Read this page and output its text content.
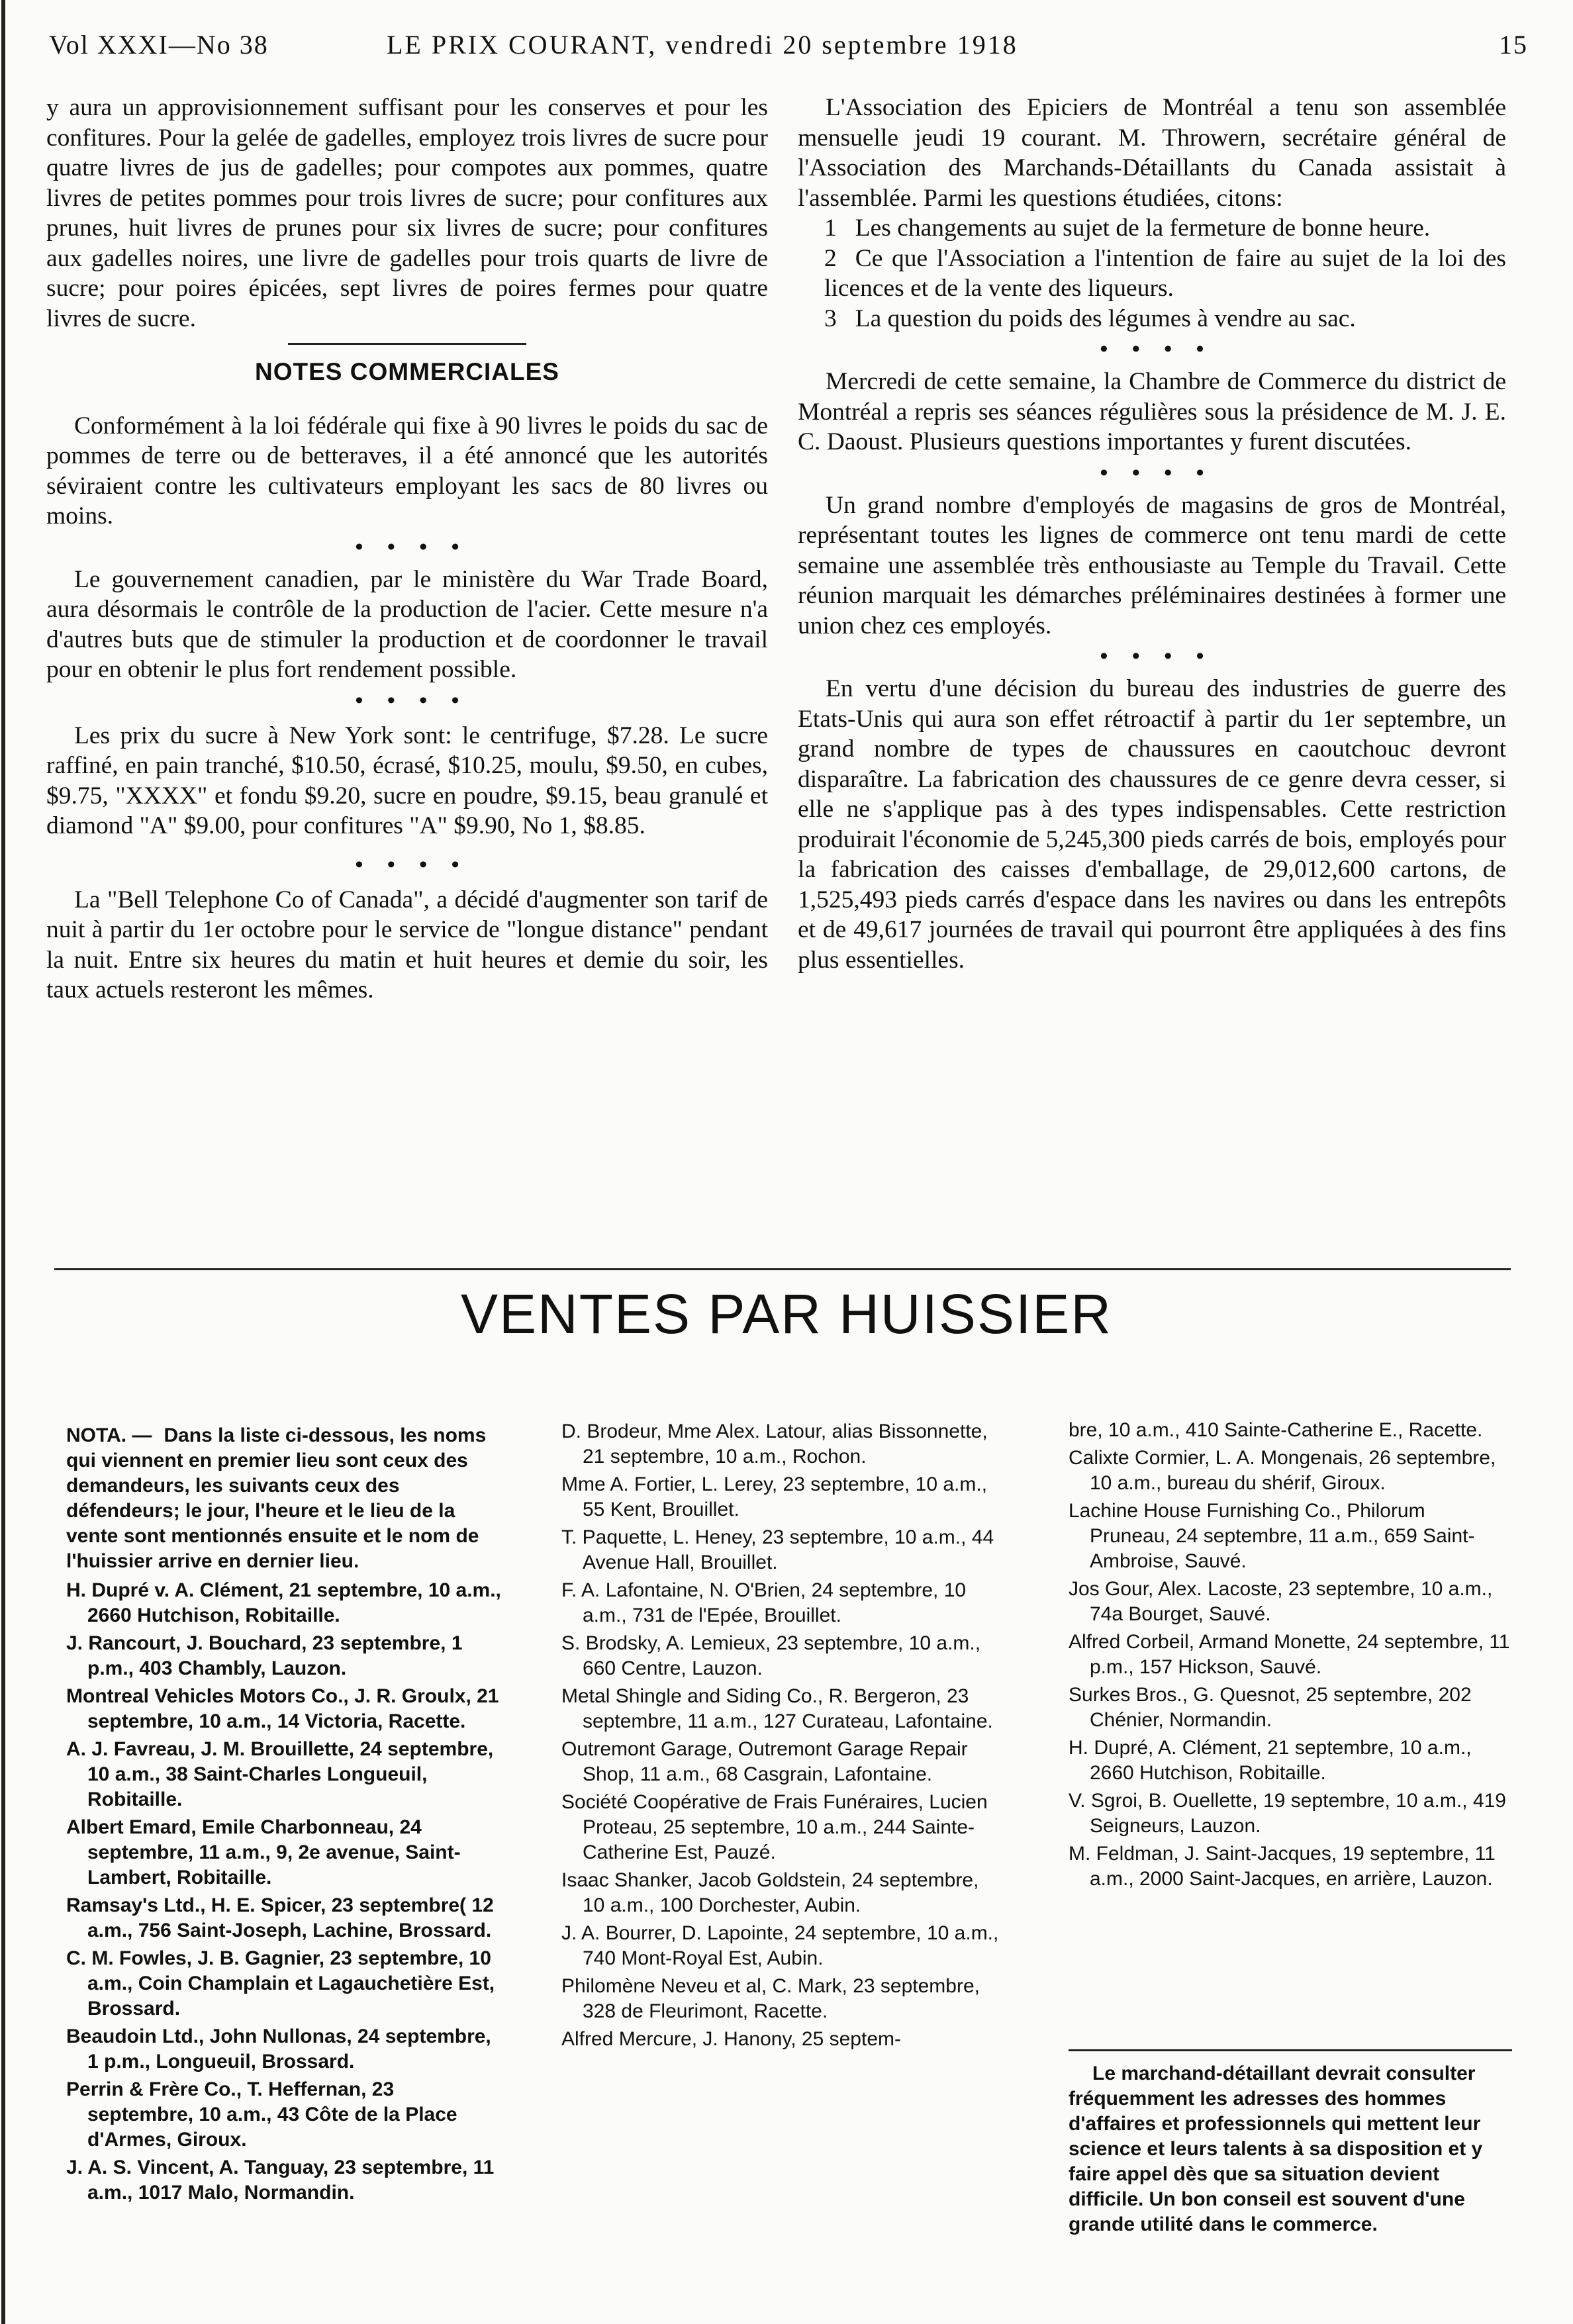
Vol XXXI—No 38	LE PRIX COURANT, vendredi 20 septembre 1918	15

y aura un approvisionnement suffisant pour les conserves et pour les confitures. Pour la gelée de gadelles, employez trois livres de sucre pour quatre livres de jus de gadelles; pour compotes aux pommes, quatre livres de petites pommes pour trois livres de sucre; pour confitures aux prunes, huit livres de prunes pour six livres de sucre; pour confitures aux gadelles noires, une livre de gadelles pour trois quarts de livre de sucre; pour poires épicées, sept livres de poires fermes pour quatre livres de sucre.

NOTES COMMERCIALES

Conformément à la loi fédérale qui fixe à 90 livres le poids du sac de pommes de terre ou de betteraves, il a été annoncé que les autorités séviraient contre les cultivateurs employant les sacs de 80 livres ou moins.

• • • •

Le gouvernement canadien, par le ministère du War Trade Board, aura désormais le contrôle de la production de l'acier. Cette mesure n'a d'autres buts que de stimuler la production et de coordonner le travail pour en obtenir le plus fort rendement possible.

• • • •

Les prix du sucre à New York sont: le centrifuge, $7.28. Le sucre raffiné, en pain tranché, $10.50, écrasé, $10.25, moulu, $9.50, en cubes, $9.75, "XXXX" et fondu $9.20, sucre en poudre, $9.15, beau granulé et diamond "A" $9.00, pour confitures "A" $9.90, No 1, $8.85.

• • • •

La "Bell Telephone Co of Canada", a décidé d'augmenter son tarif de nuit à partir du 1er octobre pour le service de "longue distance" pendant la nuit. Entre six heures du matin et huit heures et demie du soir, les taux actuels resteront les mêmes.

L'Association des Epiciers de Montréal a tenu son assemblée mensuelle jeudi 19 courant. M. Throwern, secrétaire général de l'Association des Marchands-Détaillants du Canada assistait à l'assemblée. Parmi les questions étudiées, citons:

1 Les changements au sujet de la fermeture de bonne heure.

2 Ce que l'Association a l'intention de faire au sujet de la loi des licences et de la vente des liqueurs.

3 La question du poids des légumes à vendre au sac.

• • • •

Mercredi de cette semaine, la Chambre de Commerce du district de Montréal a repris ses séances régulières sous la présidence de M. J. E. C. Daoust. Plusieurs questions importantes y furent discutées.

• • • •

Un grand nombre d'employés de magasins de gros de Montréal, représentant toutes les lignes de commerce ont tenu mardi de cette semaine une assemblée très enthousiaste au Temple du Travail. Cette réunion marquait les démarches préléminaires destinées à former une union chez ces employés.

• • • •

En vertu d'une décision du bureau des industries de guerre des Etats-Unis qui aura son effet rétroactif à partir du 1er septembre, un grand nombre de types de chaussures en caoutchouc devront disparaître. La fabrication des chaussures de ce genre devra cesser, si elle ne s'applique pas à des types indispensables. Cette restriction produirait l'économie de 5,245,300 pieds carrés de bois, employés pour la fabrication des caisses d'emballage, de 29,012,600 cartons, de 1,525,493 pieds carrés d'espace dans les navires ou dans les entrepôts et de 49,617 journées de travail qui pourront être appliquées à des fins plus essentielles.

VENTES PAR HUISSIER

NOTA. — Dans la liste ci-dessous, les noms qui viennent en premier lieu sont ceux des demandeurs, les suivants ceux des défendeurs; le jour, l'heure et le lieu de la vente sont mentionnés ensuite et le nom de l'huissier arrive en dernier lieu.

H. Dupré v. A. Clément, 21 septembre, 10 a.m., 2660 Hutchison, Robitaille.

J. Rancourt, J. Bouchard, 23 septembre, 1 p.m., 403 Chambly, Lauzon.

Montreal Vehicles Motors Co., J. R. Groulx, 21 septembre, 10 a.m., 14 Victoria, Racette.

A. J. Favreau, J. M. Brouillette, 24 septembre, 10 a.m., 38 Saint-Charles Longueuil, Robitaille.

Albert Emard, Emile Charbonneau, 24 septembre, 11 a.m., 9, 2e avenue, Saint-Lambert, Robitaille.

Ramsay's Ltd., H. E. Spicer, 23 septembre( 12 a.m., 756 Saint-Joseph, Lachine, Brossard.

C. M. Fowles, J. B. Gagnier, 23 septembre, 10 a.m., Coin Champlain et Lagauchetière Est, Brossard.

Beaudoin Ltd., John Nullonas, 24 septembre, 1 p.m., Longueuil, Brossard.

Perrin & Frère Co., T. Heffernan, 23 septembre, 10 a.m., 43 Côte de la Place d'Armes, Giroux.

J. A. S. Vincent, A. Tanguay, 23 septembre, 11 a.m., 1017 Malo, Normandin.

D. Brodeur, Mme Alex. Latour, alias Bissonnette, 21 septembre, 10 a.m., Rochon.

Mme A. Fortier, L. Lerey, 23 septembre, 10 a.m., 55 Kent, Brouillet.

T. Paquette, L. Heney, 23 septembre, 10 a.m., 44 Avenue Hall, Brouillet.

F. A. Lafontaine, N. O'Brien, 24 septembre, 10 a.m., 731 de l'Epée, Brouillet.

S. Brodsky, A. Lemieux, 23 septembre, 10 a.m., 660 Centre, Lauzon.

Metal Shingle and Siding Co., R. Bergeron, 23 septembre, 11 a.m., 127 Curateau, Lafontaine.

Outremont Garage, Outremont Garage Repair Shop, 11 a.m., 68 Casgrain, Lafontaine.

Société Coopérative de Frais Funéraires, Lucien Proteau, 25 septembre, 10 a.m., 244 Sainte-Catherine Est, Pauzé.

Isaac Shanker, Jacob Goldstein, 24 septembre, 10 a.m., 100 Dorchester, Aubin.

J. A. Bourrer, D. Lapointe, 24 septembre, 10 a.m., 740 Mont-Royal Est, Aubin.

Philomène Neveu et al, C. Mark, 23 septembre, 328 de Fleurimont, Racette.

Alfred Mercure, J. Hanony, 25 septem-

bre, 10 a.m., 410 Sainte-Catherine E., Racette.

Calixte Cormier, L. A. Mongenais, 26 septembre, 10 a.m., bureau du shérif, Giroux.

Lachine House Furnishing Co., Philorum Pruneau, 24 septembre, 11 a.m., 659 Saint-Ambroise, Sauvé.

Jos Gour, Alex. Lacoste, 23 septembre, 10 a.m., 74a Bourget, Sauvé.

Alfred Corbeil, Armand Monette, 24 septembre, 11 p.m., 157 Hickson, Sauvé.

Surkes Bros., G. Quesnot, 25 septembre, 202 Chénier, Normandin.

H. Dupré, A. Clément, 21 septembre, 10 a.m., 2660 Hutchison, Robitaille.

V. Sgroi, B. Ouellette, 19 septembre, 10 a.m., 419 Seigneurs, Lauzon.

M. Feldman, J. Saint-Jacques, 19 septembre, 11 a.m., 2000 Saint-Jacques, en arrière, Lauzon.

Le marchand-détaillant devrait consulter fréquemment les adresses des hommes d'affaires et professionnels qui mettent leur science et leurs talents à sa disposition et y faire appel dès que sa situation devient difficile. Un bon conseil est souvent d'une grande utilité dans le commerce.
